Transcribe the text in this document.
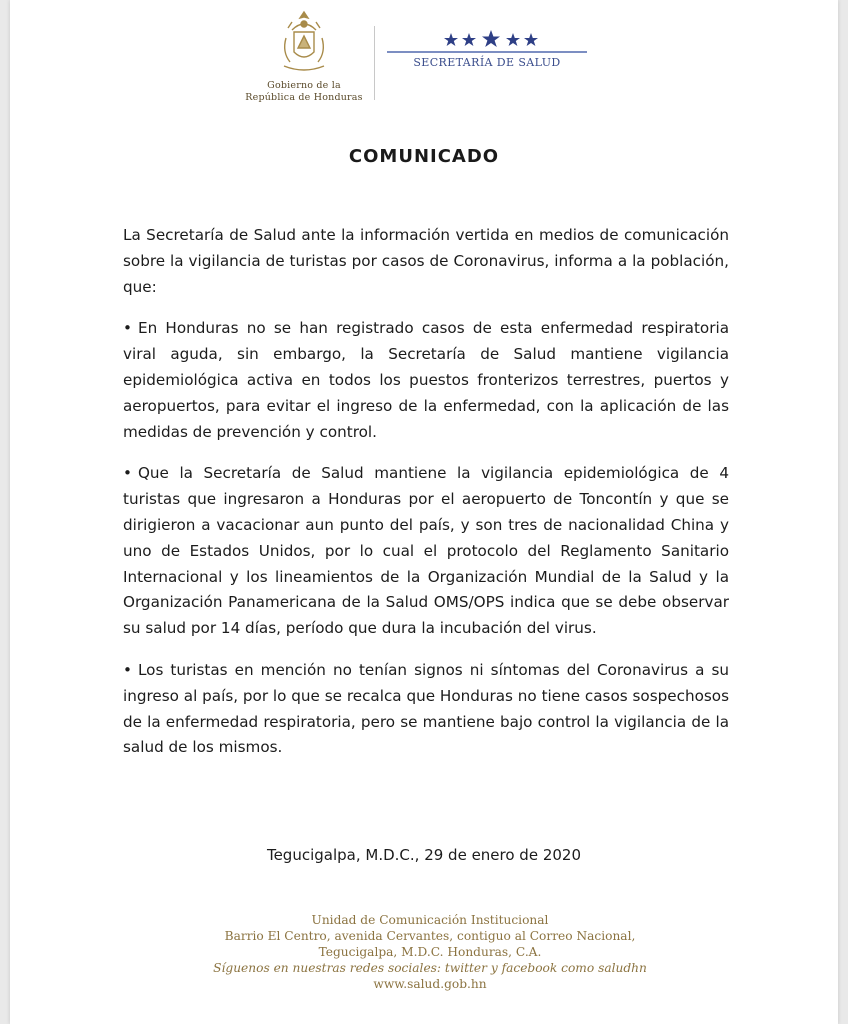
Gobierno de la
República de Honduras
SECRETARÍA DE SALUD
COMUNICADO

La Secretaría de Salud ante la información vertida en medios de comunicación sobre la vigilancia de turistas por casos de Coronavirus, informa a la población, que:

• En Honduras no se han registrado casos de esta enfermedad respiratoria viral aguda, sin embargo, la Secretaría de Salud mantiene vigilancia epidemiológica activa en todos los puestos fronterizos terrestres, puertos y aeropuertos, para evitar el ingreso de la enfermedad, con la aplicación de las medidas de prevención y control.

• Que la Secretaría de Salud mantiene la vigilancia epidemiológica de 4 turistas que ingresaron a Honduras por el aeropuerto de Toncontín y que se dirigieron a vacacionar aun punto del país, y son tres de nacionalidad China y uno de Estados Unidos, por lo cual el protocolo del Reglamento Sanitario Internacional y los lineamientos de la Organización Mundial de la Salud y la Organización Panamericana de la Salud OMS/OPS indica que se debe observar su salud por 14 días, período que dura la incubación del virus.

• Los turistas en mención no tenían signos ni síntomas del Coronavirus a su ingreso al país, por lo que se recalca que Honduras no tiene casos sospechosos de la enfermedad respiratoria, pero se mantiene bajo control la vigilancia de la salud de los mismos.

Tegucigalpa, M.D.C., 29 de enero de 2020
Unidad de Comunicación Institucional
Barrio El Centro, avenida Cervantes, contiguo al Correo Nacional,
Tegucigalpa, M.D.C. Honduras, C.A.
Síguenos en nuestras redes sociales: twitter y facebook como saludhn
www.salud.gob.hn
